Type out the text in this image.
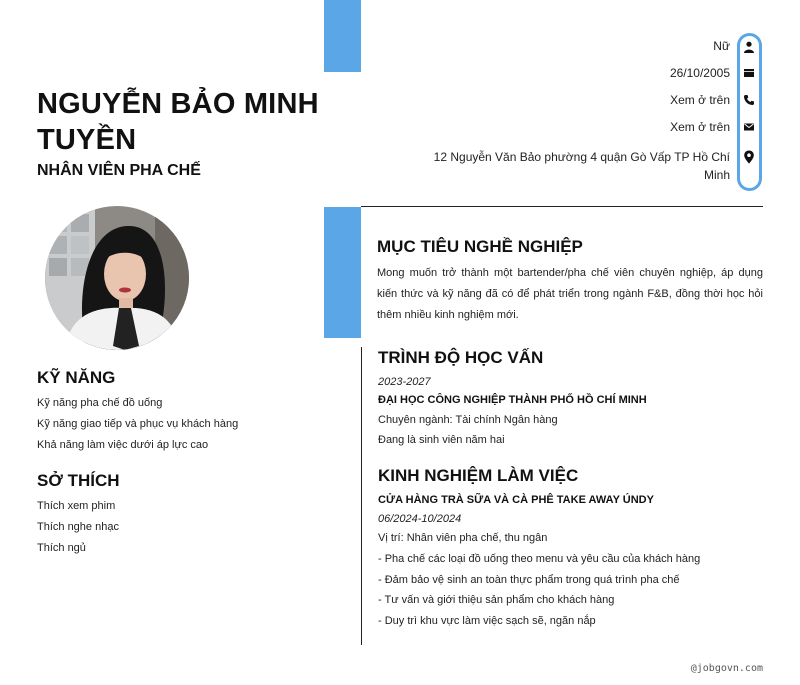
NGUYỄN BẢO MINH TUYỀN
NHÂN VIÊN PHA CHẾ
KỸ NĂNG
Kỹ năng pha chế đồ uống
Kỹ năng giao tiếp và phục vụ khách hàng
Khả năng làm việc dưới áp lực cao
SỞ THÍCH
Thích xem phim
Thích nghe nhạc
Thích ngủ
Nữ
26/10/2005
Xem ở trên
Xem ở trên
12 Nguyễn Văn Bảo phường 4 quận Gò Vấp TP Hồ Chí Minh
MỤC TIÊU NGHỀ NGHIỆP
Mong muốn trở thành một bartender/pha chế viên chuyên nghiệp, áp dụng kiến thức và kỹ năng đã có để phát triển trong ngành F&B, đồng thời học hỏi thêm nhiều kinh nghiệm mới.
TRÌNH ĐỘ HỌC VẤN
2023-2027
ĐẠI HỌC CÔNG NGHIỆP THÀNH PHỐ HỒ CHÍ MINH
Chuyên ngành: Tài chính Ngân hàng
Đang là sinh viên năm hai
KINH NGHIỆM LÀM VIỆC
CỬA HÀNG TRÀ SỮA VÀ CÀ PHÊ TAKE AWAY ÚNDY
06/2024-10/2024
Vị trí: Nhân viên pha chế, thu ngân
- Pha chế các loại đồ uống theo menu và yêu cầu của khách hàng
- Đảm bảo vệ sinh an toàn thực phẩm trong quá trình pha chế
- Tư vấn và giới thiệu sản phẩm cho khách hàng
- Duy trì khu vực làm việc sạch sẽ, ngăn nắp
@jobgovn.com
